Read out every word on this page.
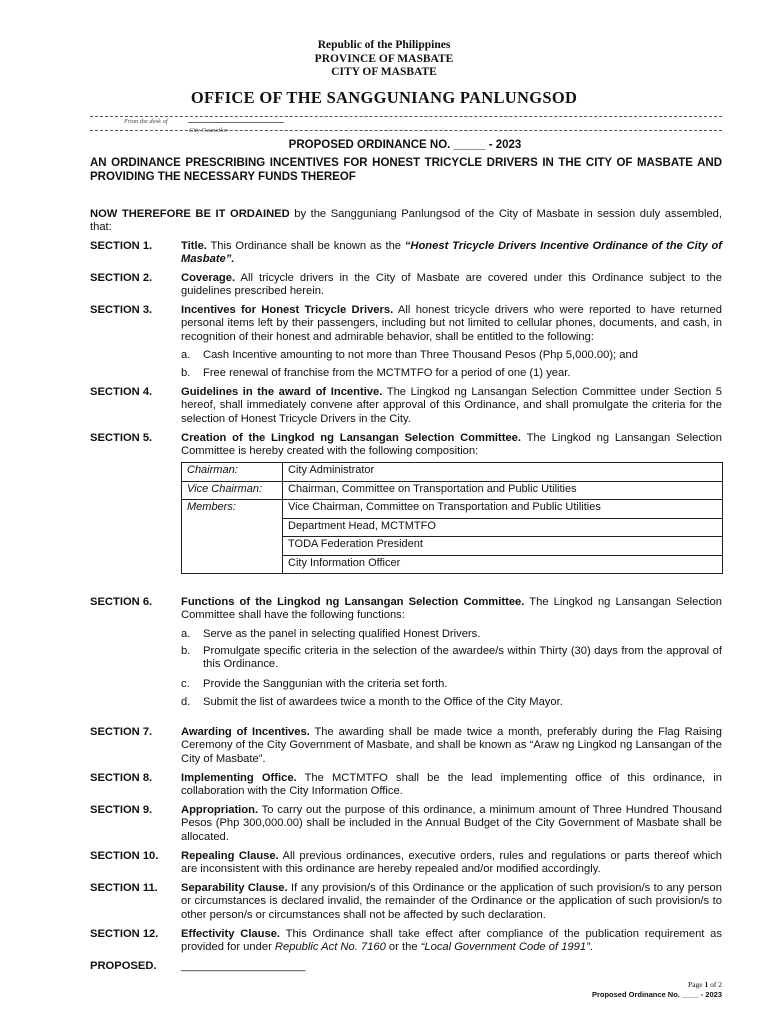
Republic of the Philippines
PROVINCE OF MASBATE
CITY OF MASBATE
OFFICE OF THE SANGGUNIANG PANLUNGSOD
From the desk of
City Councilor
PROPOSED ORDINANCE NO. _____ - 2023
AN ORDINANCE PRESCRIBING INCENTIVES FOR HONEST TRICYCLE DRIVERS IN THE CITY OF MASBATE AND PROVIDING THE NECESSARY FUNDS THEREOF
NOW THEREFORE BE IT ORDAINED by the Sangguniang Panlungsod of the City of Masbate in session duly assembled, that:
SECTION 1.	Title. This Ordinance shall be known as the “Honest Tricycle Drivers Incentive Ordinance of the City of Masbate”.
SECTION 2.	Coverage. All tricycle drivers in the City of Masbate are covered under this Ordinance subject to the guidelines prescribed herein.
SECTION 3.	Incentives for Honest Tricycle Drivers. All honest tricycle drivers who were reported to have returned personal items left by their passengers, including but not limited to cellular phones, documents, and cash, in recognition of their honest and admirable behavior, shall be entitled to the following:
a. Cash Incentive amounting to not more than Three Thousand Pesos (Php 5,000.00); and
b. Free renewal of franchise from the MCTMTFO for a period of one (1) year.
SECTION 4.	Guidelines in the award of Incentive. The Lingkod ng Lansangan Selection Committee under Section 5 hereof, shall immediately convene after approval of this Ordinance, and shall promulgate the criteria for the selection of Honest Tricycle Drivers in the City.
SECTION 5.	Creation of the Lingkod ng Lansangan Selection Committee. The Lingkod ng Lansangan Selection Committee is hereby created with the following composition:
Chairman:	City Administrator
Vice Chairman:	Chairman, Committee on Transportation and Public Utilities
Members:	Vice Chairman, Committee on Transportation and Public Utilities
	Department Head, MCTMTFO
	TODA Federation President
	City Information Officer
SECTION 6.	Functions of the Lingkod ng Lansangan Selection Committee. The Lingkod ng Lansangan Selection Committee shall have the following functions:
a. Serve as the panel in selecting qualified Honest Drivers.
b. Promulgate specific criteria in the selection of the awardee/s within Thirty (30) days from the approval of this Ordinance.
c. Provide the Sanggunian with the criteria set forth.
d. Submit the list of awardees twice a month to the Office of the City Mayor.
SECTION 7.	Awarding of Incentives. The awarding shall be made twice a month, preferably during the Flag Raising Ceremony of the City Government of Masbate, and shall be known as “Araw ng Lingkod ng Lansangan of the City of Masbate”.
SECTION 8.	Implementing Office. The MCTMTFO shall be the lead implementing office of this ordinance, in collaboration with the City Information Office.
SECTION 9.	Appropriation. To carry out the purpose of this ordinance, a minimum amount of Three Hundred Thousand Pesos (Php 300,000.00) shall be included in the Annual Budget of the City Government of Masbate shall be allocated.
SECTION 10.	Repealing Clause. All previous ordinances, executive orders, rules and regulations or parts thereof which are inconsistent with this ordinance are hereby repealed and/or modified accordingly.
SECTION 11.	Separability Clause. If any provision/s of this Ordinance or the application of such provision/s to any person or circumstances is declared invalid, the remainder of the Ordinance or the application of such provision/s to other person/s or circumstances shall not be affected by such declaration.
SECTION 12.	Effectivity Clause. This Ordinance shall take effect after compliance of the publication requirement as provided for under Republic Act No. 7160 or the “Local Government Code of 1991”.
PROPOSED.	____________________
Page 1 of 2
Proposed Ordinance No. ____ - 2023
